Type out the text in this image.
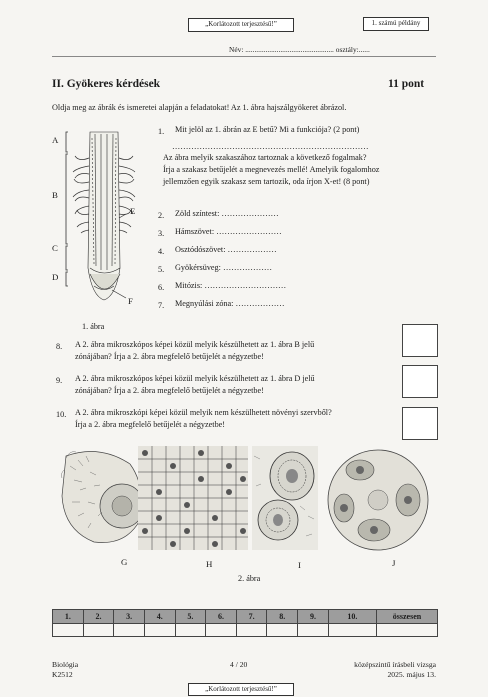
„Korlátozott terjesztésű!”	1. számú példány
Név: ................................................ osztály:......
II. Gyökeres kérdések	11 pont
Oldja meg az ábrák és ismeretei alapján a feladatokat! Az 1. ábra hajszálgyökeret ábrázol.
A
B
C
D
E
F
1. ábra
1. Mit jelöl az 1. ábrán az E betű? Mi a funkciója? (2 pont)
………………………………………………………………
Az ábra melyik szakaszához tartoznak a következő fogalmak?
Írja a szakasz betűjelét a megnevezés mellé! Amelyik fogalomhoz
jellemzően egyik szakasz sem tartozik, oda írjon X-et! (8 pont)
2. Zöld színtest: …………………
3. Hámszövet: ……………………
4. Osztódószövet: ………………
5. Gyökérsüveg: ………………
6. Mitózis: …………………………
7. Megnyúlási zóna: ………………
8. A 2. ábra mikroszkópos képei közül melyik készülhetett az 1. ábra B jelű
zónájában? Írja a 2. ábra megfelelő betűjelét a négyzetbe!
9. A 2. ábra mikroszkópos képei közül melyik készülhetett az 1. ábra D jelű
zónájában? Írja a 2. ábra megfelelő betűjelét a négyzetbe!
10. A 2. ábra mikroszkópi képei közül melyik nem készülhetett növényi szervből?
Írja a 2. ábra megfelelő betűjelét a négyzetbe!
G	H	I	J
2. ábra
1.	2.	3.	4.	5.	6.	7.	8.	9.	10.	összesen

Biológia
K2512
4 / 20	középszintű írásbeli vizsga
2025. május 13.
„Korlátozott terjesztésű!”
